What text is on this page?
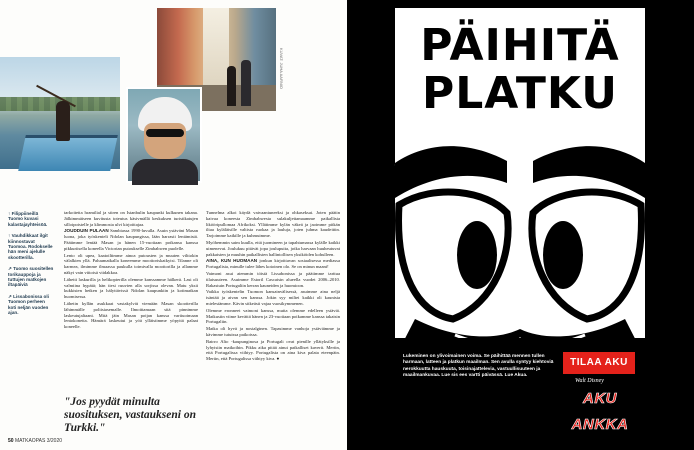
KUVAT: JUHA AARNIO

↑ Filippiineillä Tuomo kuvasi kalastajayhteisöä.

↑ Vauhdikkaat ilgit kiinnostavat Tuomoa. Rodokselle hän meni ajelulle skootterilla.

↗ Tuomo suositellen torikauppoja ja tuttujen matkojen iltapäiviä

↗ Lissabonissa oli Tuomon perheen koti neljän vuoden ajan.

tarkoitetta hramilial ja stiren on Istanbulin kaupunki kulkunen takana. Jälkimmäiseen kuvitusta toteutus käsivmällä keskuksen turistikatujen silloipoistelle ja klimmosta ulvi kirjoittajaa.

JOUDDUIN PULAAN Sambiassa 1990-luvulla. Asuin ystäväni Masan luona, joka työskenteli Ndolan kaupungissa, lään harrasti lentämistä. Päätimme lentää Masan ja hänen 15-vuotiaan poikansa kanssa pikkuriisella koneella Victorian putoukselle Zimbabwen puolelle.

Lento oli upea, kaatoiltimme ainoa putousten ja muuten vilttokin välalkien yllä. Paluumatkalla koneemme moottoriskatkyisi. Tilanne oli karmea, ilmimme ilmaassa paukulla toimivalla moottorilla ja allamme näkyi vain viitoisä viidakkoa.

Lähetti laskurilla ja helikopterilla olemme kanssamme hälkerä. Lasi oli valmiina hypätä; hän tiesi ruuvien alla sorjissa olevan. Matu yksii kukkisien hetken ja hälyttävissä Ndolan kaupunkiin ja kotimatkan huomisessa.

Lähetin kyllän asukkaat vastakylvät viemään Masan skootterilla lähimmälle poliisiasemalle. Ilmoittamaan sitä pinnimme laskeutujaltaani. Mitä jäin Masan poijan kanssa vartiuoimaan lentokonetta. Hämärä laskeutui ja yöä ylläistimme yöpyitä palaat koneelle.

Tunnelma alkoi käydä vaivaantuneeksi ja ohkaseksai. Joten päätin kaivaa koneesta Zimbabwesta sulakuljettamaamme paikallista likööripullomaa Afrikoksi. Yllätimme kylän väkeä ja jaoimme pitkän iltaa kyläläisille valtista ruokaa ja lauluja, joten juhma kaudeittin. Tarjoimme kaikille ja kuhmuimme.

Myöhemmin saim kuulla, että juomineen ja tapahtumassa kylälle kaikki uimenevat. Joulukuu pitävät jopa joulupuita, jotka harvaan huuheutuvat pakkaisten ja muuhin paikallisten hallintollisen yksiköiden kohulleen.

AINA, KUN HUOMAAN jonkun kirjoittavan sosiaalisessa mediassa Portugalista, minulle tulee lähes kotoinen olo. Se on minun maani!

Vaimoni asui aiemmin töistä Lissabonissa ja päätimme tarttua tilaisuuteen. Asuimme Estoril Cascaisin alueella vuodet 2006–2010. Rakastuin Portugaliin kerran kauneiden ja huomioon.

Vaikka työskentelin Tuomon kansainvälisessä, asuimme aina neljä isäntää ja aivan sen kanssa. Jokin syy miltei kaikki oli kaunista mielestämme. Kävin sitkeästi vajaa vuosikymmenen.

Olemme eronneet vaimoni kanssa, mutta olemme edelleen ystäviä. Matkustin viime kevättä hänen ja 23-vuotiaan poikamme kanssa takaisin Portugaliin.

Matka oli hyvä ja nostalginen. Tapasimme vanhoja ystäviämme ja kävimme tutuissa paikoissa.

Bairro Alto -kaupunginosa ja Portugali ovat pienille yllätyksille ja lyhyisiin matkoihin. Pikku aika pitää ainut paikalliset kaverit. Mertin, että Portugalissa viihtyy. Portugalista on aina kiva palata eteenpäin. Mertin, että Portugalissa viihtyy kiva. ●

"Jos pyydät minulta suosituksen, vastaukseni on Turkki."
50 MATKAOPAS 3/2020
PÄIHITÄ
PLATKU

Lukeminen on ylivoimainen voima. Se päihittää mennen tullen harmaan, latteen ja platkun maailman. Sen avulla syntyy kiehtoviä nerokkuutta hauskuuta, toisinajattelevia, vastuullisuuteen ja maailmankuvaa. Lue sis ees vartti päivässä. Lue Akua.

TILAA AKU
Walt Disney
AKU ANKKA
